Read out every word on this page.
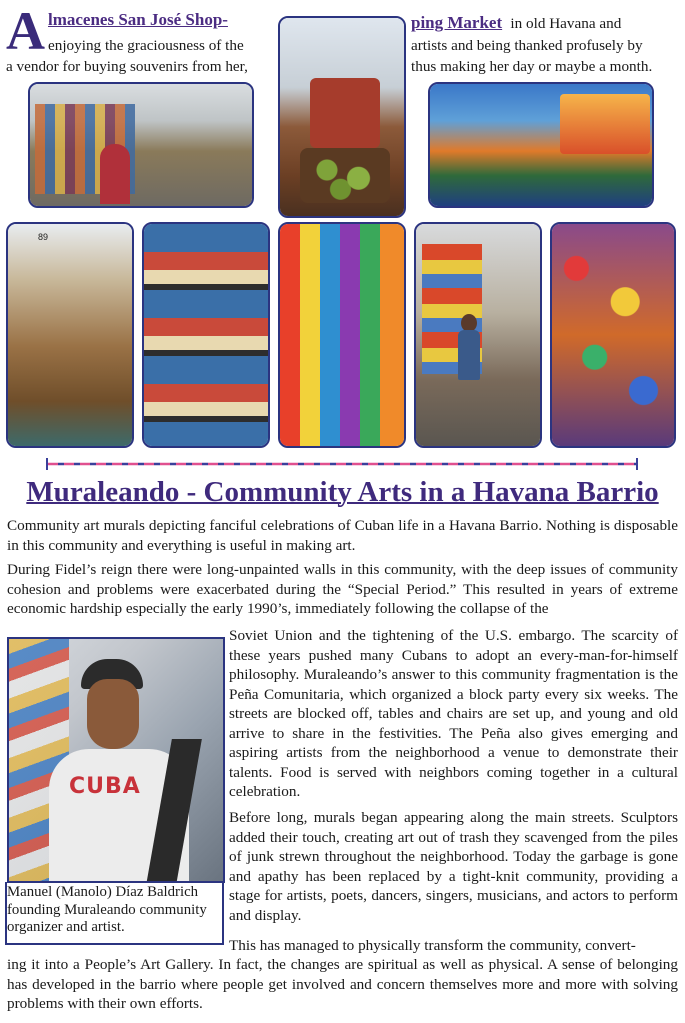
A lmacenes San José Shop-
enjoying the graciousness of the
a vendor for buying souvenirs from her,
ping Market in old Havana and
artists and being thanked profusely by
thus making her day or maybe a month.
89
Muraleando - Community Arts in a Havana Barrio
Community art murals depicting fanciful celebrations of Cuban life in a Havana Barrio. Nothing is disposable in this community and everything is useful in making art.
During Fidel’s reign there were long-unpainted walls in this community, with the deep issues of community cohesion and problems were exacerbated during the “Special Period.” This resulted in years of extreme economic hardship especially the early 1990’s, immediately following the collapse of the
CUBA
Manuel (Manolo) Díaz Baldrich founding Muraleando community organizer and artist.
Soviet Union and the tightening of the U.S. embargo. The scarcity of these years pushed many Cubans to adopt an every-man-for-himself philosophy. Muraleando’s answer to this community fragmentation is the Peña Comunitaria, which organized a block party every six weeks. The streets are blocked off, tables and chairs are set up, and young and old arrive to share in the festivities. The Peña also gives emerging and aspiring artists from the neighborhood a venue to demonstrate their talents. Food is served with neighbors coming together in a cultural celebration.
Before long, murals began appearing along the main streets. Sculptors added their touch, creating art out of trash they scavenged from the piles of junk strewn throughout the neighborhood. Today the garbage is gone and apathy has been replaced by a tight-knit community, providing a stage for artists, poets, dancers, singers, musicians, and actors to perform and display.
This has managed to physically transform the community, convert-
ing it into a People’s Art Gallery. In fact, the changes are spiritual as well as physical. A sense of belonging has developed in the barrio where people get involved and concern themselves more and more with solving problems with their own efforts.
